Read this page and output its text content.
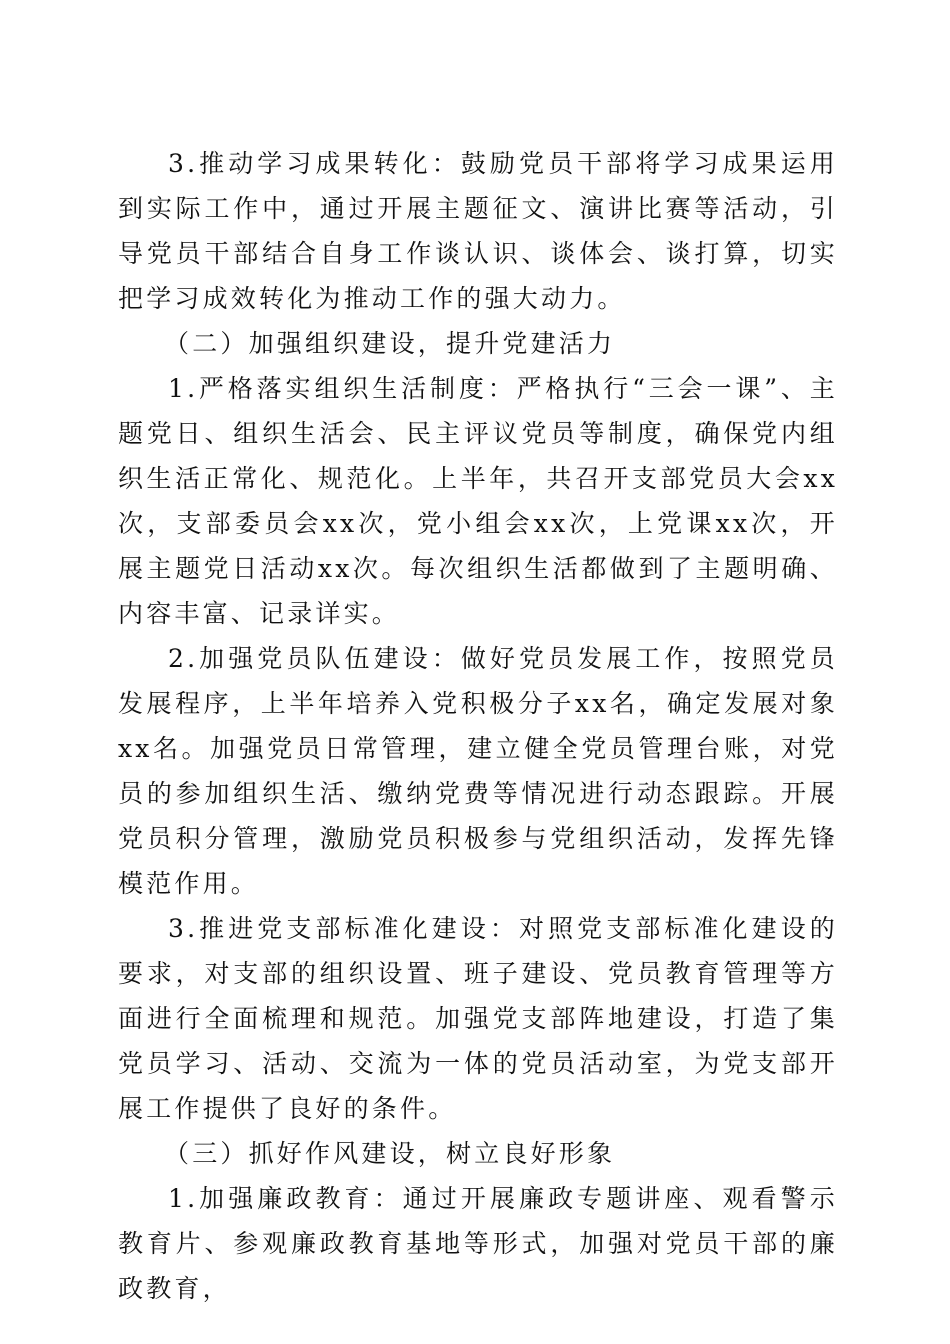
3.推动学习成果转化：鼓励党员干部将学习成果运用到实际工作中，通过开展主题征文、演讲比赛等活动，引导党员干部结合自身工作谈认识、谈体会、谈打算，切实把学习成效转化为推动工作的强大动力。

（二）加强组织建设，提升党建活力

1.严格落实组织生活制度：严格执行“三会一课”、主题党日、组织生活会、民主评议党员等制度，确保党内组织生活正常化、规范化。上半年，共召开支部党员大会xx次，支部委员会xx次，党小组会xx次，上党课xx次，开展主题党日活动xx次。每次组织生活都做到了主题明确、内容丰富、记录详实。

2.加强党员队伍建设：做好党员发展工作，按照党员发展程序，上半年培养入党积极分子xx名，确定发展对象xx名。加强党员日常管理，建立健全党员管理台账，对党员的参加组织生活、缴纳党费等情况进行动态跟踪。开展党员积分管理，激励党员积极参与党组织活动，发挥先锋模范作用。

3.推进党支部标准化建设：对照党支部标准化建设的要求，对支部的组织设置、班子建设、党员教育管理等方面进行全面梳理和规范。加强党支部阵地建设，打造了集党员学习、活动、交流为一体的党员活动室，为党支部开展工作提供了良好的条件。

（三）抓好作风建设，树立良好形象

1.加强廉政教育：通过开展廉政专题讲座、观看警示教育片、参观廉政教育基地等形式，加强对党员干部的廉政教育，
